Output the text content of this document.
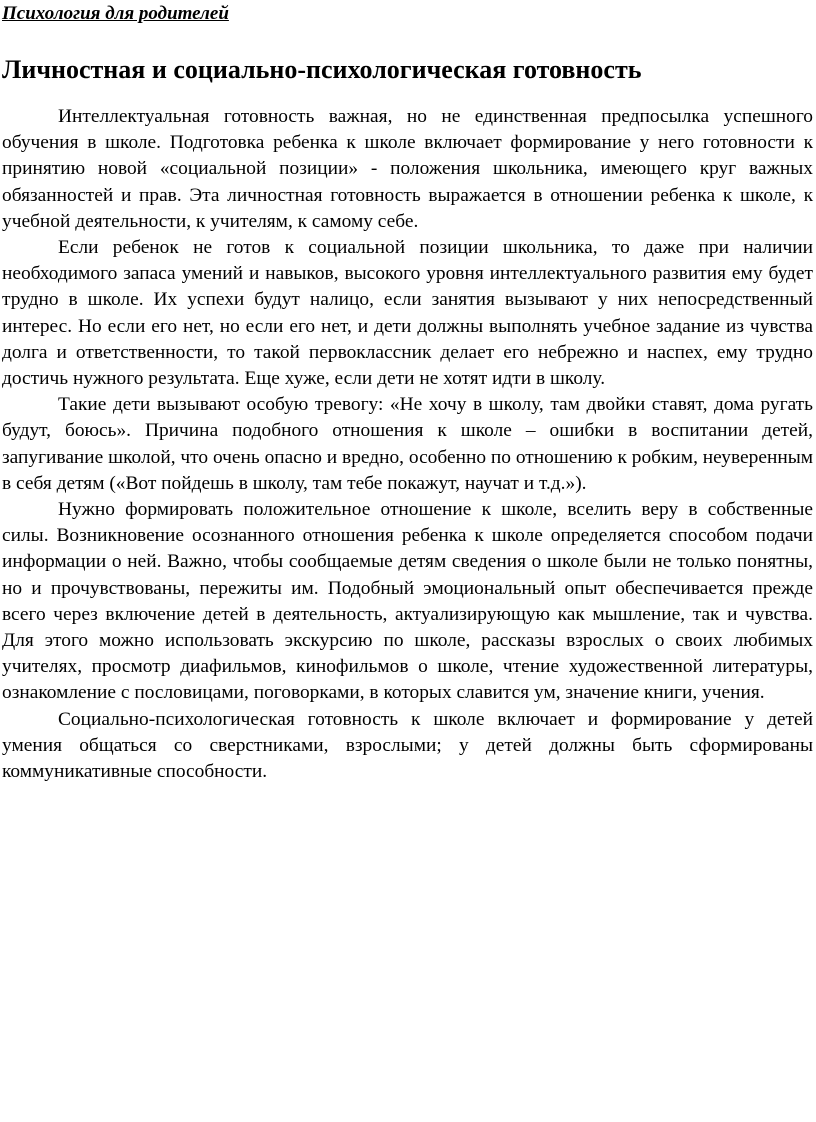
Психология для родителей

Личностная и социально-психологическая готовность

Интеллектуальная готовность важная, но не единственная предпосылка успешного обучения в школе. Подготовка ребенка к школе включает формирование у него готовности к принятию новой «социальной позиции» - положения школьника, имеющего круг важных обязанностей и прав. Эта личностная готовность выражается в отношении ребенка к школе, к учебной деятельности, к учителям, к самому себе.

Если ребенок не готов к социальной позиции школьника, то даже при наличии необходимого запаса умений и навыков, высокого уровня интеллектуального развития ему будет трудно в школе. Их успехи будут налицо, если занятия вызывают у них непосредственный интерес. Но если его нет, но если его нет, и дети должны выполнять учебное задание из чувства долга и ответственности, то такой первоклассник делает его небрежно и наспех, ему трудно достичь нужного результата. Еще хуже, если дети не хотят идти в школу.

Такие дети вызывают особую тревогу: «Не хочу в школу, там двойки ставят, дома ругать будут, боюсь». Причина подобного отношения к школе – ошибки в воспитании детей, запугивание школой, что очень опасно и вредно, особенно по отношению к робким, неуверенным в себя детям («Вот пойдешь в школу, там тебе покажут, научат и т.д.»).

Нужно формировать положительное отношение к школе, вселить веру в собственные силы. Возникновение осознанного отношения ребенка к школе определяется способом подачи информации о ней. Важно, чтобы сообщаемые детям сведения о школе были не только понятны, но и прочувствованы, пережиты им. Подобный эмоциональный опыт обеспечивается прежде всего через включение детей в деятельность, актуализирующую как мышление, так и чувства. Для этого можно использовать экскурсию по школе, рассказы взрослых о своих любимых учителях, просмотр диафильмов, кинофильмов о школе, чтение художественной литературы, ознакомление с пословицами, поговорками, в которых славится ум, значение книги, учения.

Социально-психологическая готовность к школе включает и формирование у детей умения общаться со сверстниками, взрослыми; у детей должны быть сформированы коммуникативные способности.
